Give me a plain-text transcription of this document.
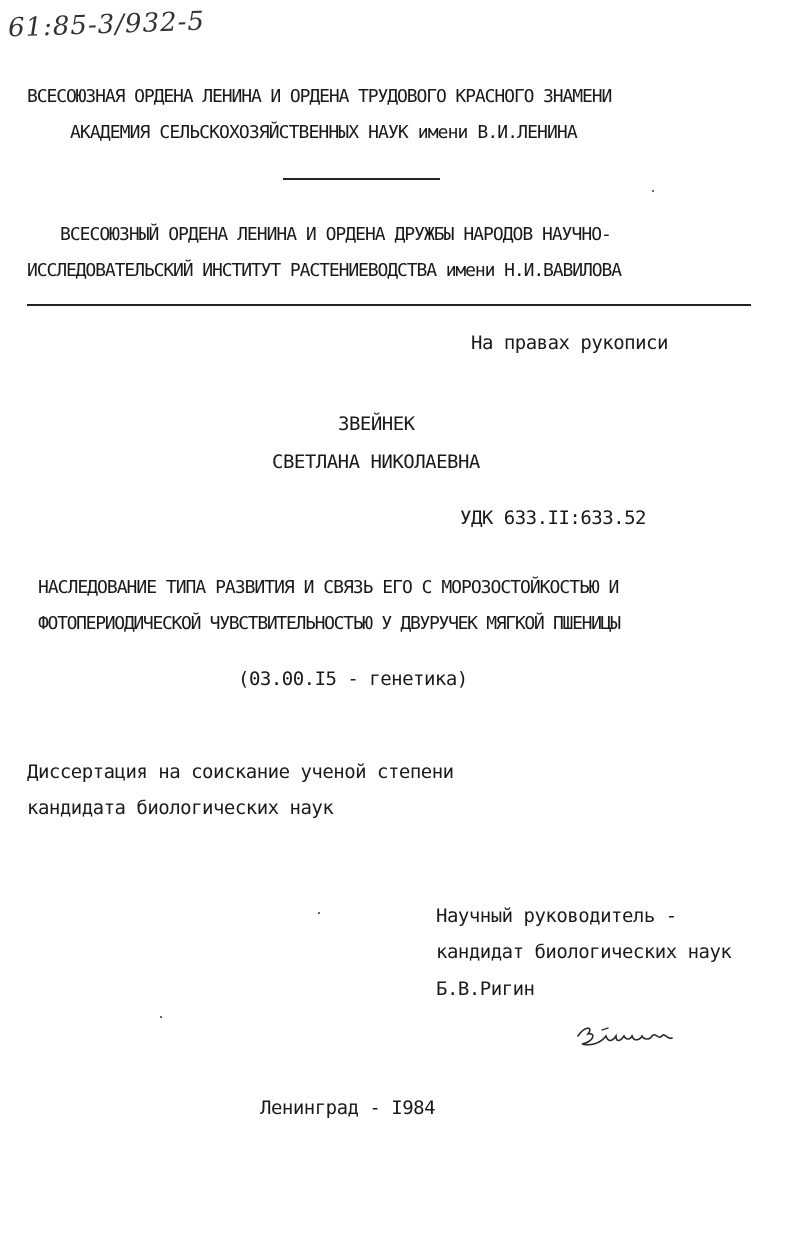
61:85-3/932-5
ВСЕСОЮЗНАЯ ОРДЕНА ЛЕНИНА И ОРДЕНА ТРУДОВОГО КРАСНОГО ЗНАМЕНИ
АКАДЕМИЯ СЕЛЬСКОХОЗЯЙСТВЕННЫХ НАУК имени В.И.ЛЕНИНА
ВСЕСОЮЗНЫЙ ОРДЕНА ЛЕНИНА И ОРДЕНА ДРУЖБЫ НАРОДОВ НАУЧНО-
ИССЛЕДОВАТЕЛЬСКИЙ ИНСТИТУТ РАСТЕНИЕВОДСТВА имени Н.И.ВАВИЛОВА
На правах рукописи
ЗВЕЙНЕК
СВЕТЛАНА НИКОЛАЕВНА
УДК 633.II:633.52
НАСЛЕДОВАНИЕ ТИПА РАЗВИТИЯ И СВЯЗЬ ЕГО С МОРОЗОСТОЙКОСТЬЮ И
ФОТОПЕРИОДИЧЕСКОЙ ЧУВСТВИТЕЛЬНОСТЬЮ У ДВУРУЧЕК МЯГКОЙ ПШЕНИЦЫ
(03.00.I5 - генетика)
Диссертация на соискание ученой степени
кандидата биологических наук
Научный руководитель -
кандидат биологических наук
Б.В.Ригин
Ленинград - I984
